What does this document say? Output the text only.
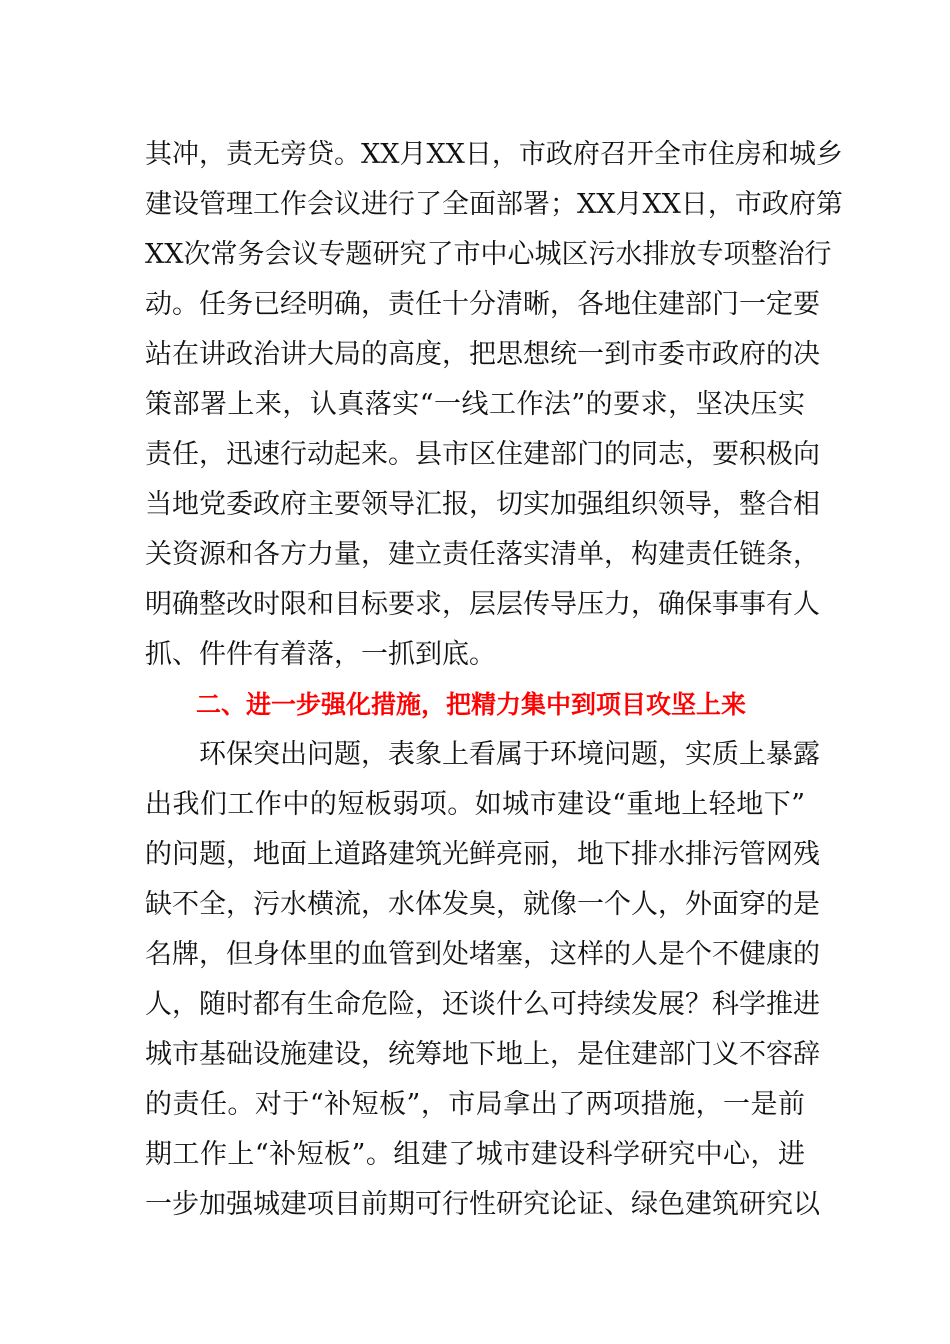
其冲，责无旁贷。XX月XX日，市政府召开全市住房和城乡
建设管理工作会议进行了全面部署；XX月XX日，市政府第
XX次常务会议专题研究了市中心城区污水排放专项整治行
动。任务已经明确，责任十分清晰，各地住建部门一定要
站在讲政治讲大局的高度，把思想统一到市委市政府的决
策部署上来，认真落实“一线工作法”的要求，坚决压实
责任，迅速行动起来。县市区住建部门的同志，要积极向
当地党委政府主要领导汇报，切实加强组织领导，整合相
关资源和各方力量，建立责任落实清单，构建责任链条，
明确整改时限和目标要求，层层传导压力，确保事事有人
抓、件件有着落，一抓到底。
二、进一步强化措施，把精力集中到项目攻坚上来
环保突出问题，表象上看属于环境问题，实质上暴露
出我们工作中的短板弱项。如城市建设“重地上轻地下”
的问题，地面上道路建筑光鲜亮丽，地下排水排污管网残
缺不全，污水横流，水体发臭，就像一个人，外面穿的是
名牌，但身体里的血管到处堵塞，这样的人是个不健康的
人，随时都有生命危险，还谈什么可持续发展？科学推进
城市基础设施建设，统筹地下地上，是住建部门义不容辞
的责任。对于“补短板”，市局拿出了两项措施，一是前
期工作上“补短板”。组建了城市建设科学研究中心，进
一步加强城建项目前期可行性研究论证、绿色建筑研究以
